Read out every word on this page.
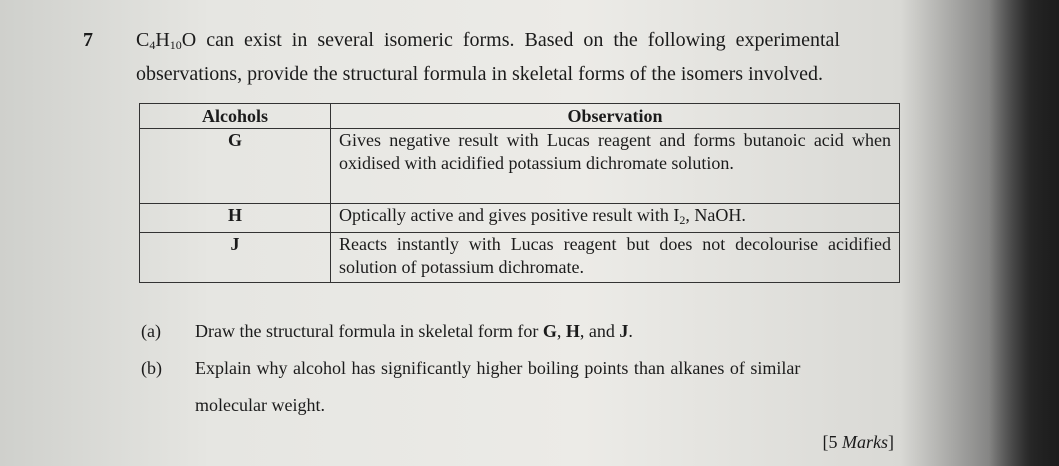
7 $C_4H_{10}O$ can exist in several isomeric forms. Based on the following experimental
observations, provide the structural formula in skeletal forms of the isomers involved.
Alcohols	Observation
G	Gives negative result with Lucas reagent and forms butanoic acid when oxidised with acidified potassium dichromate solution.
H	Optically active and gives positive result with $I_2$, NaOH.
J	Reacts instantly with Lucas reagent but does not decolourise acidified solution of potassium dichromate.
(a) Draw the structural formula in skeletal form for G, H, and J.
(b) Explain why alcohol has significantly higher boiling points than alkanes of similar
molecular weight.
[5 Marks]
